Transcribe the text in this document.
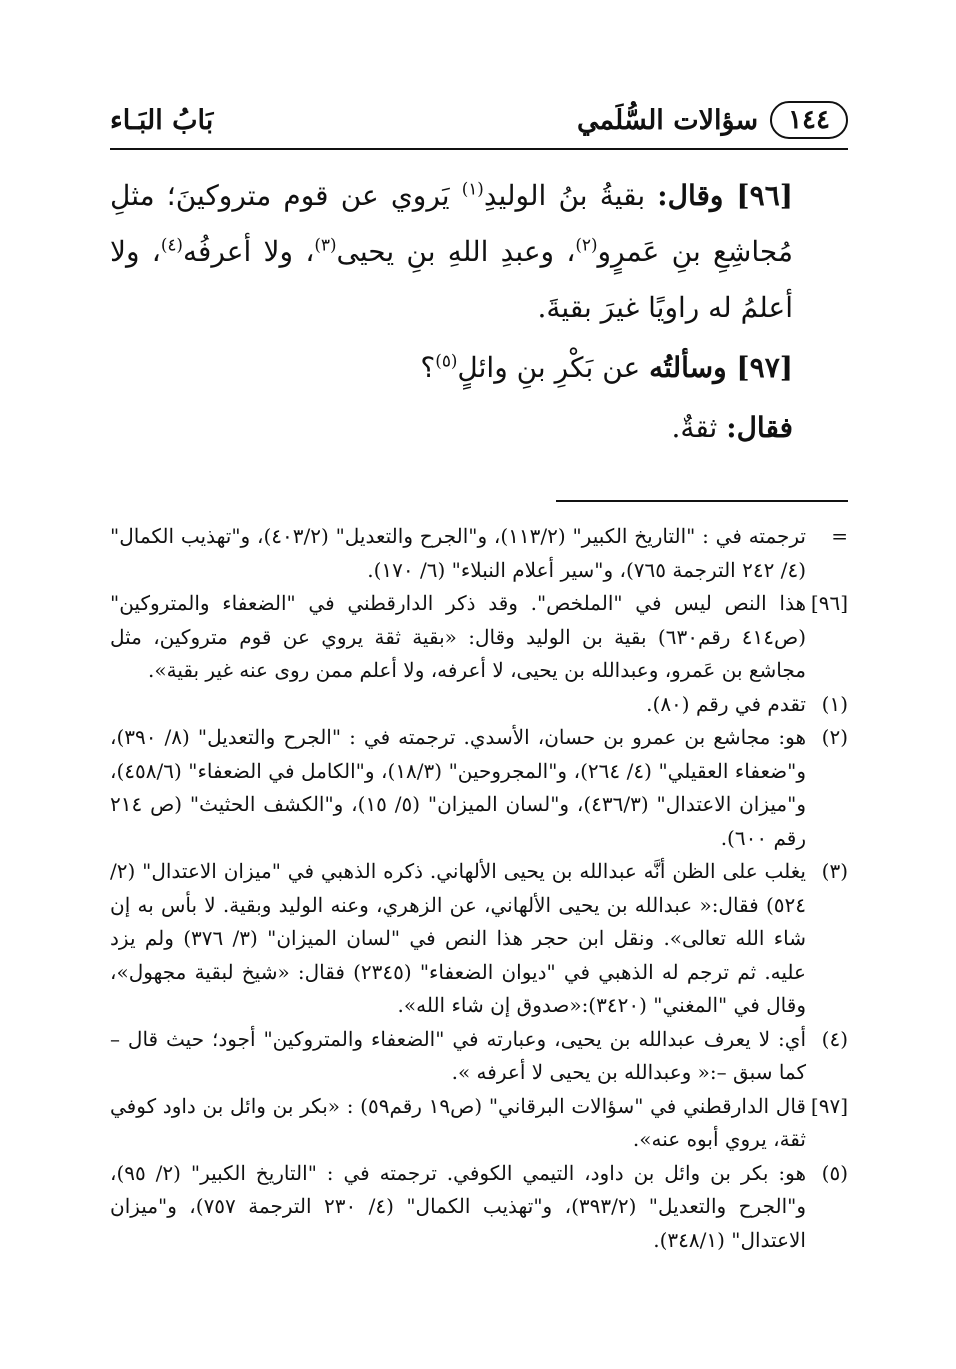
١٤٤
سؤالات السُّلَمي
بَابُ البَـاء

[٩٦] وقال: بقيةُ بنُ الوليدِ$^{(١)}$ يَروي عن قوم متروكينَ؛ مثلِ مُجاشِعِ بنِ عَمرٍو$^{(٢)}$، وعبدِ اللهِ بنِ يحيى$^{(٣)}$، ولا أعرفُه$^{(٤)}$، ولا أعلمُ له راويًا غيرَ بقيةَ.

[٩٧] وسألتُه عن بَكْرِ بنِ وائلٍ$^{(٥)}$؟

فقال: ثقةٌ.

=
ترجمته في : "التاريخ الكبير" (١١٣/٢)، و"الجرح والتعديل" (٤٠٣/٢)، و"تهذيب الكمال" (٤/ ٢٤٢ الترجمة ٧٦٥)، و"سير أعلام النبلاء" (٦/ ١٧٠).
[٩٦]
هذا النص ليس في "الملخص". وقد ذكر الدارقطني في "الضعفاء والمتروكين" (ص٤١٤ رقم٦٣٠) بقية بن الوليد وقال: «بقية ثقة يروي عن قوم متروكين، مثل مجاشع بن عَمرو، وعبدالله بن يحيى، لا أعرفه، ولا أعلم ممن روى عنه غير بقية».
(١)
تقدم في رقم (٨٠).
(٢)
هو: مجاشع بن عمرو بن حسان، الأسدي. ترجمته في : "الجرح والتعديل" (٨/ ٣٩٠)، و"ضعفاء العقيلي" (٤/ ٢٦٤)، و"المجروحين" (١٨/٣)، و"الكامل في الضعفاء" (٤٥٨/٦)، و"ميزان الاعتدال" (٤٣٦/٣)، و"لسان الميزان" (٥/ ١٥)، و"الكشف الحثيث" (ص ٢١٤ رقم ٦٠٠).
(٣)
يغلب على الظن أنَّه عبدالله بن يحيى الألهاني. ذكره الذهبي في "ميزان الاعتدال" (٢/ ٥٢٤) فقال:« عبدالله بن يحيى الألهاني، عن الزهري، وعنه الوليد وبقية. لا بأس به إن شاء الله تعالى». ونقل ابن حجر هذا النص في "لسان الميزان" (٣/ ٣٧٦) ولم يزد عليه. ثم ترجم له الذهبي في "ديوان الضعفاء" (٢٣٤٥) فقال: «شيخ لبقية مجهول»، وقال في "المغني" (٣٤٢٠):«صدوق إن شاء الله».
(٤)
أي: لا يعرف عبدالله بن يحيى، وعبارته في "الضعفاء والمتروكين" أجود؛ حيث قال – كما سبق –:« وعبدالله بن يحيى لا أعرفه ».
[٩٧]
قال الدارقطني في "سؤالات البرقاني" (ص١٩ رقم٥٩) : «بكر بن وائل بن داود كوفي ثقة، يروي أبوه عنه».
(٥)
هو: بكر بن وائل بن داود، التيمي الكوفي. ترجمته في : "التاريخ الكبير" (٢/ ٩٥)، و"الجرح والتعديل" (٣٩٣/٢)، و"تهذيب الكمال" (٤/ ٢٣٠ الترجمة ٧٥٧)، و"ميزان الاعتدال" (٣٤٨/١).
